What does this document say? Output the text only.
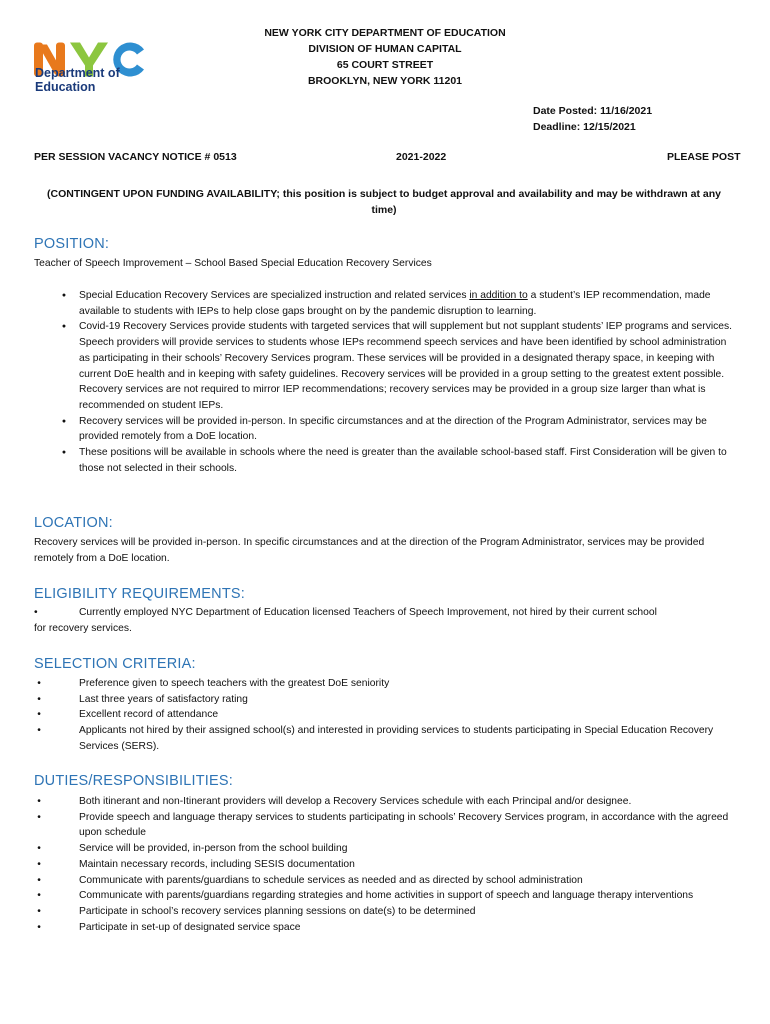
Department of
Education
NEW YORK CITY DEPARTMENT OF EDUCATION
DIVISION OF HUMAN CAPITAL
65 COURT STREET
BROOKLYN, NEW YORK 11201
Date Posted: 11/16/2021
Deadline: 12/15/2021
PER SESSION VACANCY NOTICE # 0513	2021-2022	PLEASE POST
(CONTINGENT UPON FUNDING AVAILABILITY; this position is subject to budget approval and availability and may be withdrawn at any time)
POSITION:
Teacher of Speech Improvement – School Based Special Education Recovery Services
● Special Education Recovery Services are specialized instruction and related services in addition to a student’s IEP recommendation, made available to students with IEPs to help close gaps brought on by the pandemic disruption to learning.
● Covid-19 Recovery Services provide students with targeted services that will supplement but not supplant students’ IEP programs and services. Speech providers will provide services to students whose IEPs recommend speech services and have been identified by school administration as participating in their schools’ Recovery Services program. These services will be provided in a designated therapy space, in keeping with current DoE health and in keeping with safety guidelines. Recovery services will be provided in a group setting to the greatest extent possible. Recovery services are not required to mirror IEP recommendations; recovery services may be provided in a group size larger than what is recommended on student IEPs.
● Recovery services will be provided in-person. In specific circumstances and at the direction of the Program Administrator, services may be provided remotely from a DoE location.
● These positions will be available in schools where the need is greater than the available school-based staff. First Consideration will be given to those not selected in their schools.
LOCATION:
Recovery services will be provided in-person. In specific circumstances and at the direction of the Program Administrator, services may be provided remotely from a DoE location.
ELIGIBILITY REQUIREMENTS:
•	Currently employed NYC Department of Education licensed Teachers of Speech Improvement, not hired by their current school
for recovery services.
SELECTION CRITERIA:
•	Preference given to speech teachers with the greatest DoE seniority
•	Last three years of satisfactory rating
•	Excellent record of attendance
•	Applicants not hired by their assigned school(s) and interested in providing services to students participating in Special Education Recovery Services (SERS).
DUTIES/RESPONSIBILITIES:
•	Both itinerant and non-Itinerant providers will develop a Recovery Services schedule with each Principal and/or designee.
•	Provide speech and language therapy services to students participating in schools’ Recovery Services program, in accordance with the agreed upon schedule
•	Service will be provided, in-person from the school building
•	Maintain necessary records, including SESIS documentation
•	Communicate with parents/guardians to schedule services as needed and as directed by school administration
•	Communicate with parents/guardians regarding strategies and home activities in support of speech and language therapy interventions
•	Participate in school’s recovery services planning sessions on date(s) to be determined
•	Participate in set-up of designated service space
